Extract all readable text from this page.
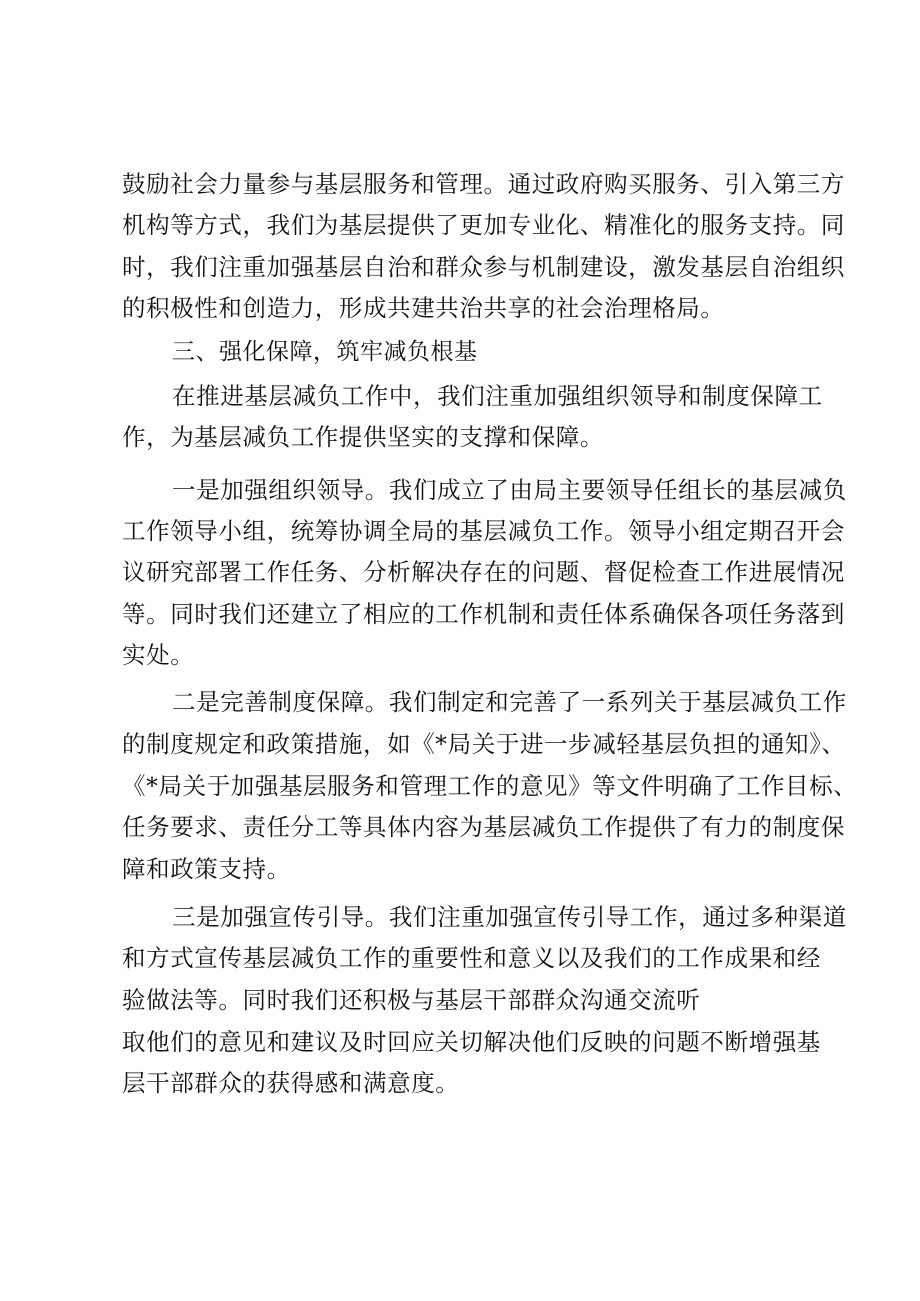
鼓励社会力量参与基层服务和管理。通过政府购买服务、引入第三方
机构等方式，我们为基层提供了更加专业化、精准化的服务支持。同
时，我们注重加强基层自治和群众参与机制建设，激发基层自治组织
的积极性和创造力，形成共建共治共享的社会治理格局。
三、强化保障，筑牢减负根基
在推进基层减负工作中，我们注重加强组织领导和制度保障工
作，为基层减负工作提供坚实的支撑和保障。
一是加强组织领导。我们成立了由局主要领导任组长的基层减负
工作领导小组，统筹协调全局的基层减负工作。领导小组定期召开会
议研究部署工作任务、分析解决存在的问题、督促检查工作进展情况
等。同时我们还建立了相应的工作机制和责任体系确保各项任务落到
实处。
二是完善制度保障。我们制定和完善了一系列关于基层减负工作
的制度规定和政策措施，如《*局关于进一步减轻基层负担的通知》、
《*局关于加强基层服务和管理工作的意见》等文件明确了工作目标、
任务要求、责任分工等具体内容为基层减负工作提供了有力的制度保
障和政策支持。
三是加强宣传引导。我们注重加强宣传引导工作，通过多种渠道
和方式宣传基层减负工作的重要性和意义以及我们的工作成果和经
验做法等。同时我们还积极与基层干部群众沟通交流听
取他们的意见和建议及时回应关切解决他们反映的问题不断增强基
层干部群众的获得感和满意度。
